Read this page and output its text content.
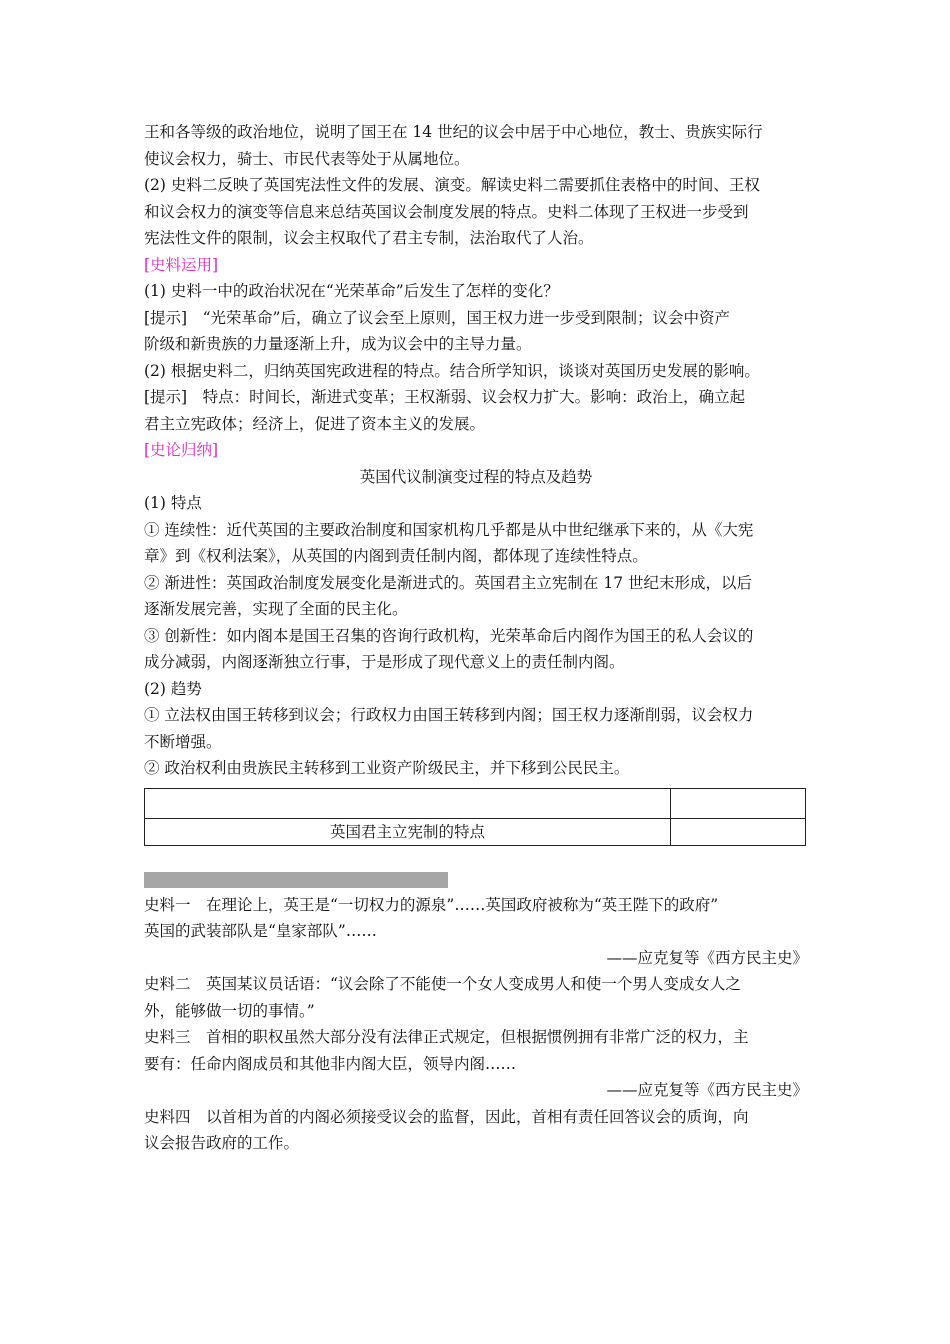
王和各等级的政治地位，说明了国王在 14 世纪的议会中居于中心地位，教士、贵族实际行
使议会权力，骑士、市民代表等处于从属地位。
(2) 史料二反映了英国宪法性文件的发展、演变。解读史料二需要抓住表格中的时间、王权
和议会权力的演变等信息来总结英国议会制度发展的特点。史料二体现了王权进一步受到
宪法性文件的限制，议会主权取代了君主专制，法治取代了人治。
[史料运用]
(1) 史料一中的政治状况在“光荣革命”后发生了怎样的变化？
[提示]　“光荣革命”后，确立了议会至上原则，国王权力进一步受到限制；议会中资产
阶级和新贵族的力量逐渐上升，成为议会中的主导力量。
(2) 根据史料二，归纳英国宪政进程的特点。结合所学知识，谈谈对英国历史发展的影响。
[提示]　特点：时间长，渐进式变革；王权渐弱、议会权力扩大。影响：政治上，确立起
君主立宪政体；经济上，促进了资本主义的发展。
[史论归纳]
英国代议制演变过程的特点及趋势
(1) 特点
① 连续性：近代英国的主要政治制度和国家机构几乎都是从中世纪继承下来的，从《大宪
章》到《权利法案》，从英国的内阁到责任制内阁，都体现了连续性特点。
② 渐进性：英国政治制度发展变化是渐进式的。英国君主立宪制在 17 世纪末形成，以后
逐渐发展完善，实现了全面的民主化。
③ 创新性：如内阁本是国王召集的咨询行政机构，光荣革命后内阁作为国王的私人会议的
成分减弱，内阁逐渐独立行事，于是形成了现代意义上的责任制内阁。
(2) 趋势
① 立法权由国王转移到议会；行政权力由国王转移到内阁；国王权力逐渐削弱，议会权力
不断增强。
② 政治权利由贵族民主转移到工业资产阶级民主，并下移到公民民主。
英国君主立宪制的特点
史料一　在理论上，英王是“一切权力的源泉”……英国政府被称为“英王陛下的政府”
英国的武装部队是“皇家部队”……
——应克复等《西方民主史》
史料二　英国某议员话语：“议会除了不能使一个女人变成男人和使一个男人变成女人之
外，能够做一切的事情。”
史料三　首相的职权虽然大部分没有法律正式规定，但根据惯例拥有非常广泛的权力，主
要有：任命内阁成员和其他非内阁大臣，领导内阁……
——应克复等《西方民主史》
史料四　以首相为首的内阁必须接受议会的监督，因此，首相有责任回答议会的质询，向
议会报告政府的工作。
